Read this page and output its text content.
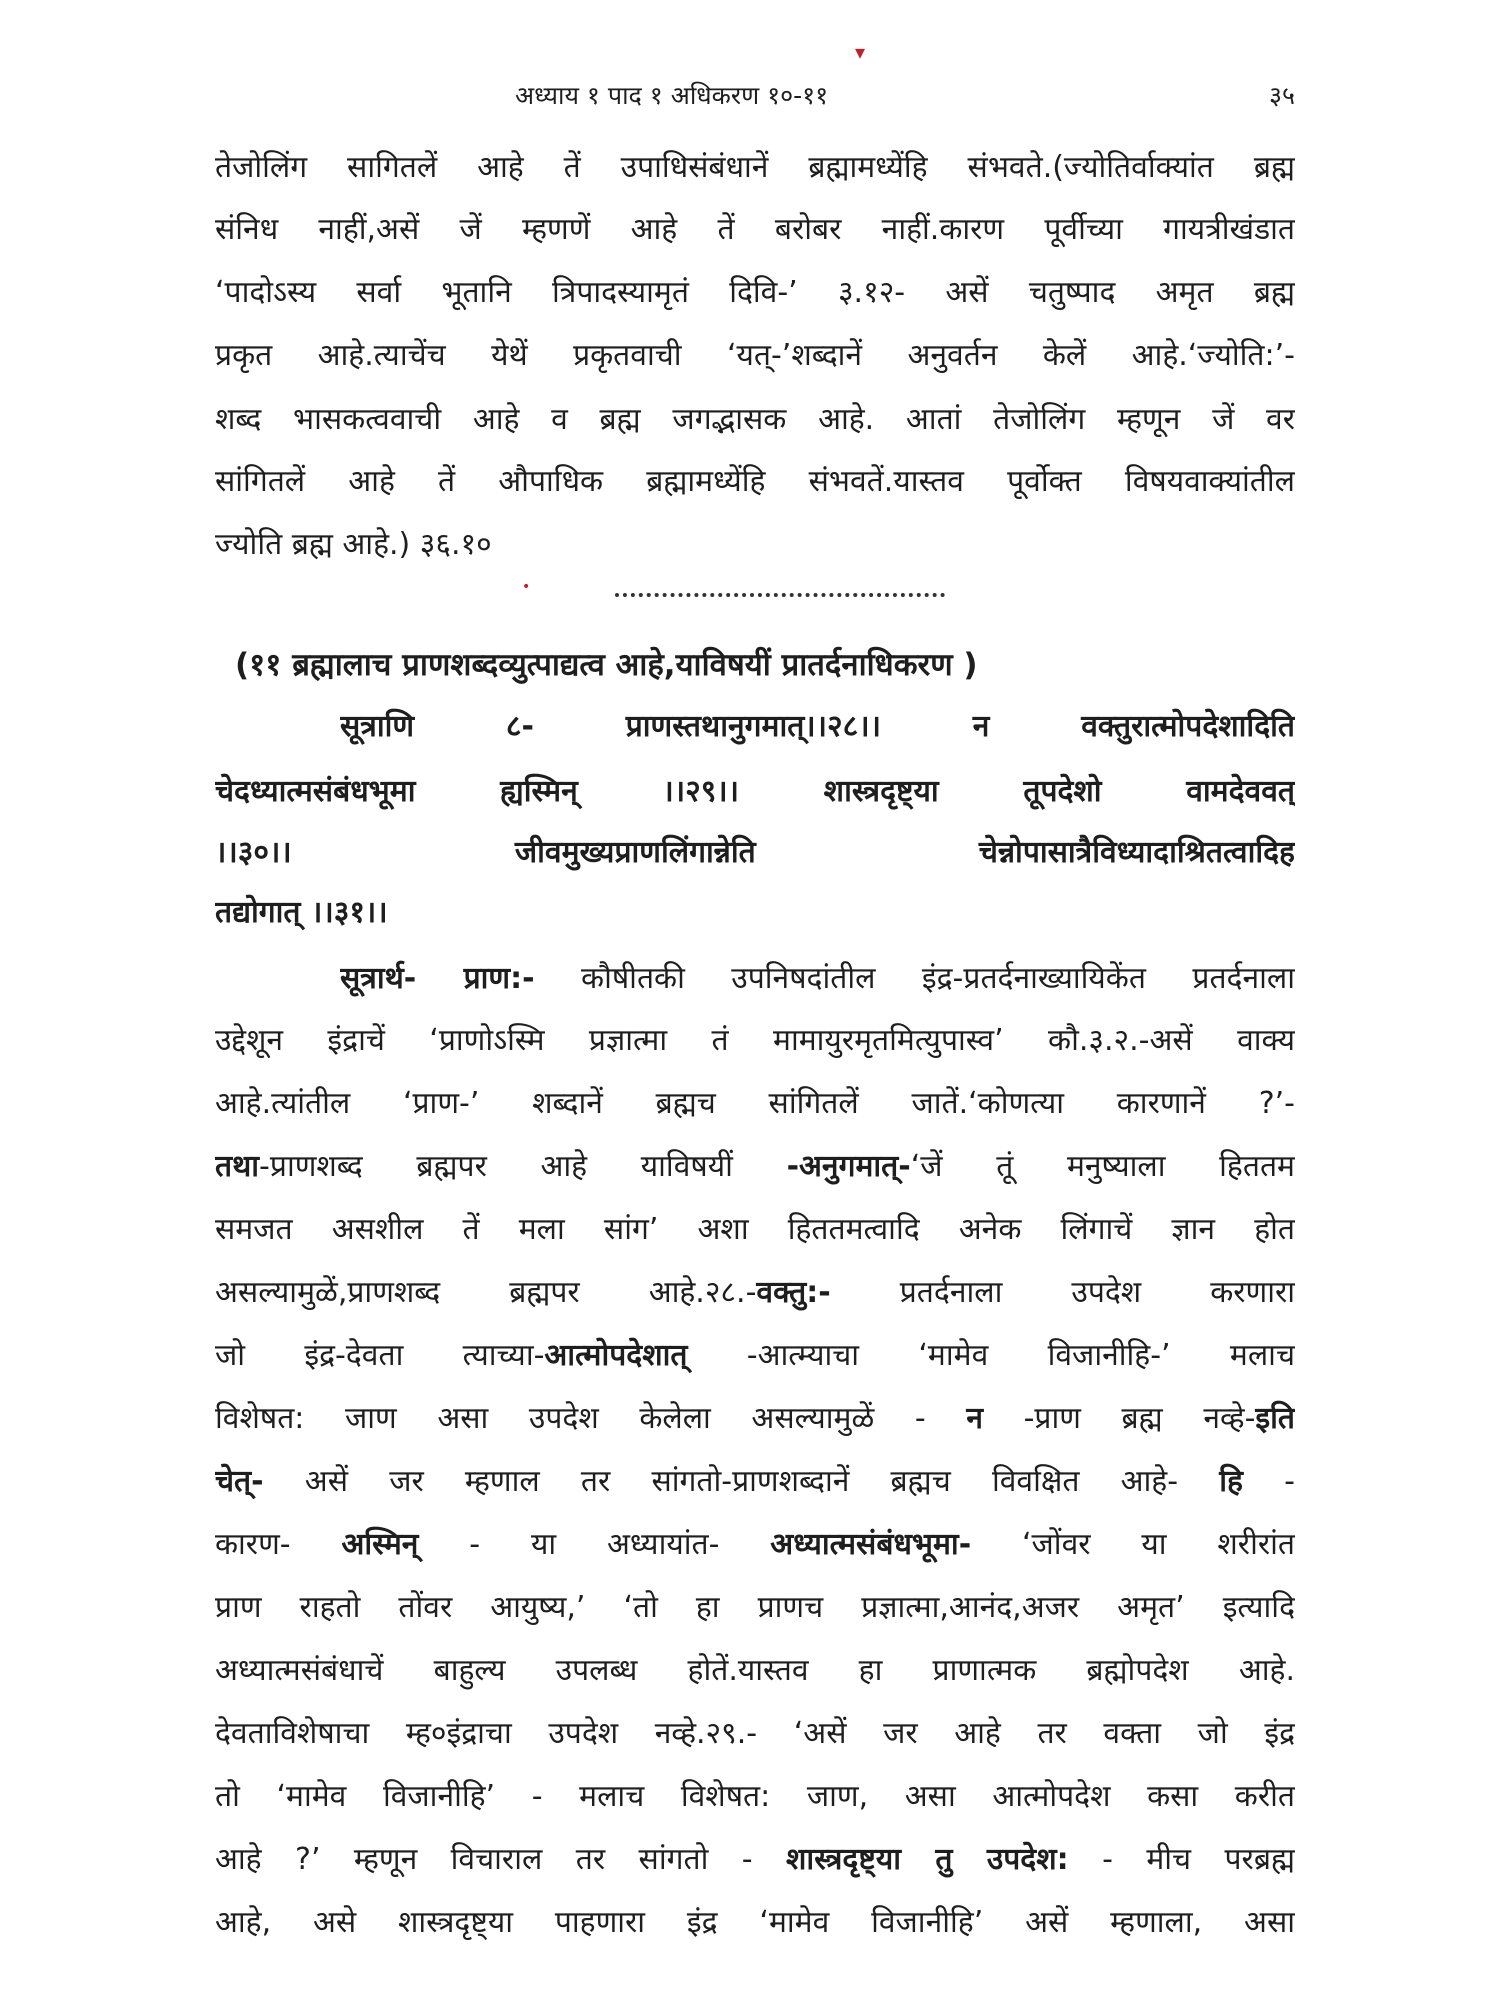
▾
•
अध्याय १ पाद १ अधिकरण १०-११	३५
तेजोलिंग सागितलें आहे तें उपाधिसंबंधानें ब्रह्मामध्येंहि संभवते.(ज्योतिर्वाक्यांत ब्रह्म
संनिध नाहीं,असें जें म्हणणें आहे तें बरोबर नाहीं.कारण पूर्वीच्या गायत्रीखंडात
‘पादोऽस्य सर्वा भूतानि त्रिपादस्यामृतं दिवि-’ ३.१२- असें चतुष्पाद अमृत ब्रह्म
प्रकृत आहे.त्याचेंच येथें प्रकृतवाची ‘यत्-’शब्दानें अनुवर्तन केलें आहे.‘ज्योति:’-
शब्द भासकत्ववाची आहे व ब्रह्म जगद्भासक आहे. आतां तेजोलिंग म्हणून जें वर
सांगितलें आहे तें औपाधिक ब्रह्मामध्येंहि संभवतें.यास्तव पूर्वोक्त विषयवाक्यांतील
ज्योति ब्रह्म आहे.) ३६.१०
(११ ब्रह्मालाच प्राणशब्दव्युत्पाद्यत्व आहे,याविषयीं प्रातर्दनाधिकरण )
सूत्राणि ८- प्राणस्तथानुगमात्।।२८।। न वक्तुरात्मोपदेशादिति
चेदध्यात्मसंबंधभूमा ह्यस्मिन् ।।२९।। शास्त्रदृष्ट्या तूपदेशो वामदेववत्
।।३०।। जीवमुख्यप्राणलिंगान्नेति चेन्नोपासात्रैविध्यादाश्रितत्वादिह
तद्योगात् ।।३१।।
सूत्रार्थ- प्राण:- कौषीतकी उपनिषदांतील इंद्र-प्रतर्दनाख्यायिकेंत प्रतर्दनाला
उद्देशून इंद्राचें ‘प्राणोऽस्मि प्रज्ञात्मा तं मामायुरमृतमित्युपास्व’ कौ.३.२.-असें वाक्य
आहे.त्यांतील ‘प्राण-’ शब्दानें ब्रह्मच सांगितलें जातें.‘कोणत्या कारणानें ?’-
तथा-प्राणशब्द ब्रह्मपर आहे याविषयीं -अनुगमात्-‘जें तूं मनुष्याला हिततम
समजत असशील तें मला सांग’ अशा हिततमत्वादि अनेक लिंगाचें ज्ञान होत
असल्यामुळें,प्राणशब्द ब्रह्मपर आहे.२८.-वक्तु:- प्रतर्दनाला उपदेश करणारा
जो इंद्र-देवता त्याच्या-आत्मोपदेशात् -आत्म्याचा ‘मामेव विजानीहि-’ मलाच
विशेषत: जाण असा उपदेश केलेला असल्यामुळें - न -प्राण ब्रह्म नव्हे-इति
चेत्- असें जर म्हणाल तर सांगतो-प्राणशब्दानें ब्रह्मच विवक्षित आहे- हि -
कारण- अस्मिन् - या अध्यायांत- अध्यात्मसंबंधभूमा- ‘जोंवर या शरीरांत
प्राण राहतो तोंवर आयुष्य,’ ‘तो हा प्राणच प्रज्ञात्मा,आनंद,अजर अमृत’ इत्यादि
अध्यात्मसंबंधाचें बाहुल्य उपलब्ध होतें.यास्तव हा प्राणात्मक ब्रह्मोपदेश आहे.
देवताविशेषाचा म्ह०इंद्राचा उपदेश नव्हे.२९.- ‘असें जर आहे तर वक्ता जो इंद्र
तो ‘मामेव विजानीहि’ - मलाच विशेषत: जाण, असा आत्मोपदेश कसा करीत
आहे ?’ म्हणून विचाराल तर सांगतो - शास्त्रदृष्ट्या तु उपदेश: - मीच परब्रह्म
आहे, असे शास्त्रदृष्ट्या पाहणारा इंद्र ‘मामेव विजानीहि’ असें म्हणाला, असा
